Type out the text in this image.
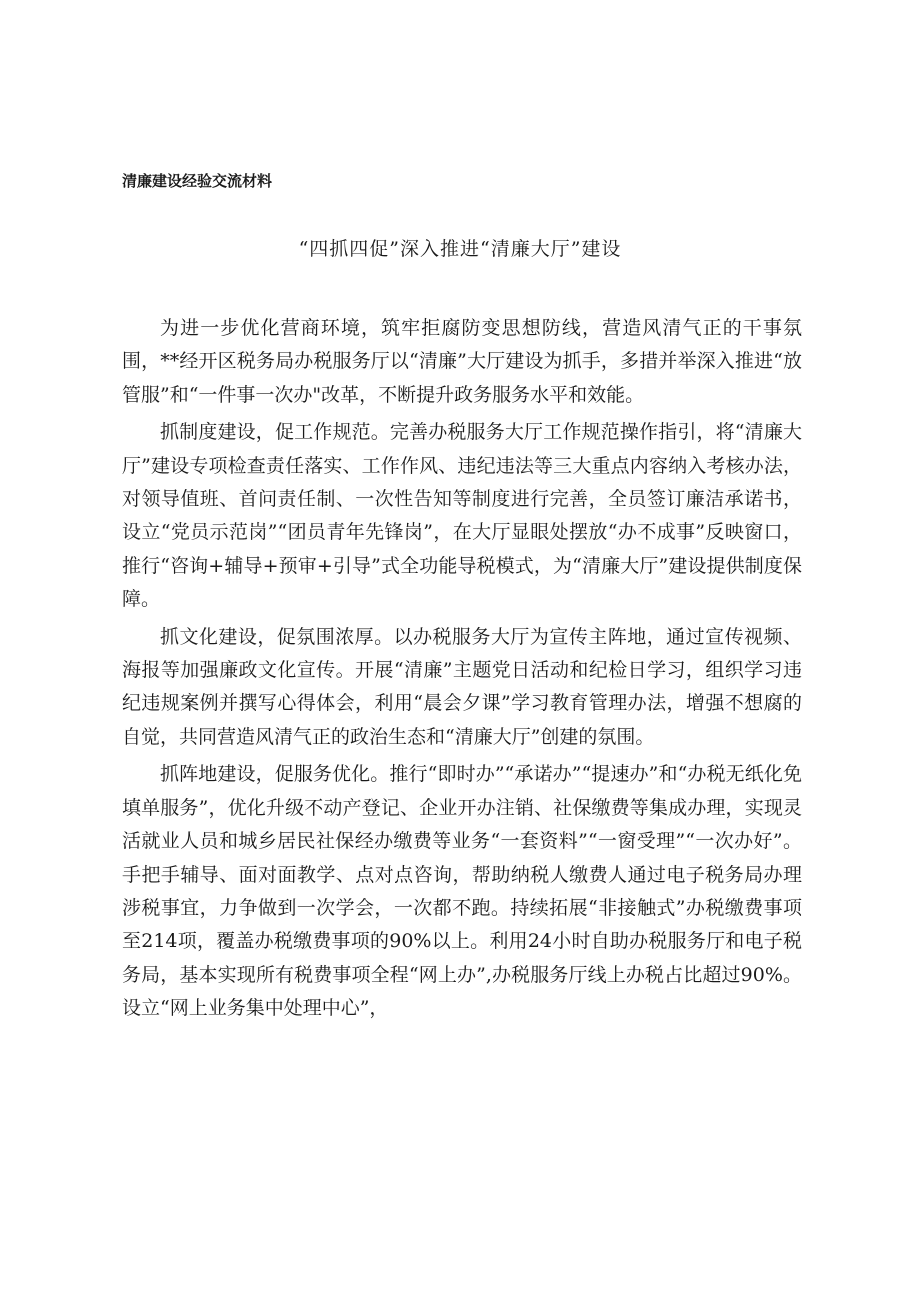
清廉建设经验交流材料
“四抓四促”深入推进“清廉大厅”建设

为进一步优化营商环境，筑牢拒腐防变思想防线，营造风清气正的干事氛围，**经开区税务局办税服务厅以“清廉”大厅建设为抓手，多措并举深入推进“放管服”和“一件事一次办"改革，不断提升政务服务水平和效能。

抓制度建设，促工作规范。完善办税服务大厅工作规范操作指引，将“清廉大厅”建设专项检查责任落实、工作作风、违纪违法等三大重点内容纳入考核办法，对领导值班、首问责任制、一次性告知等制度进行完善，全员签订廉洁承诺书，设立“党员示范岗”“团员青年先锋岗”，在大厅显眼处摆放“办不成事”反映窗口，推行“咨询+辅导+预审+引导”式全功能导税模式，为“清廉大厅”建设提供制度保障。

抓文化建设，促氛围浓厚。以办税服务大厅为宣传主阵地，通过宣传视频、海报等加强廉政文化宣传。开展“清廉”主题党日活动和纪检日学习，组织学习违纪违规案例并撰写心得体会，利用“晨会夕课”学习教育管理办法，增强不想腐的自觉，共同营造风清气正的政治生态和“清廉大厅”创建的氛围。

抓阵地建设，促服务优化。推行“即时办”“承诺办”“提速办”和“办税无纸化免填单服务”，优化升级不动产登记、企业开办注销、社保缴费等集成办理，实现灵活就业人员和城乡居民社保经办缴费等业务“一套资料”“一窗受理”“一次办好”。手把手辅导、面对面教学、点对点咨询，帮助纳税人缴费人通过电子税务局办理涉税事宜，力争做到一次学会，一次都不跑。持续拓展“非接触式”办税缴费事项至214项，覆盖办税缴费事项的90%以上。利用24小时自助办税服务厅和电子税务局，基本实现所有税费事项全程“网上办”,办税服务厅线上办税占比超过90%。设立“网上业务集中处理中心”，
